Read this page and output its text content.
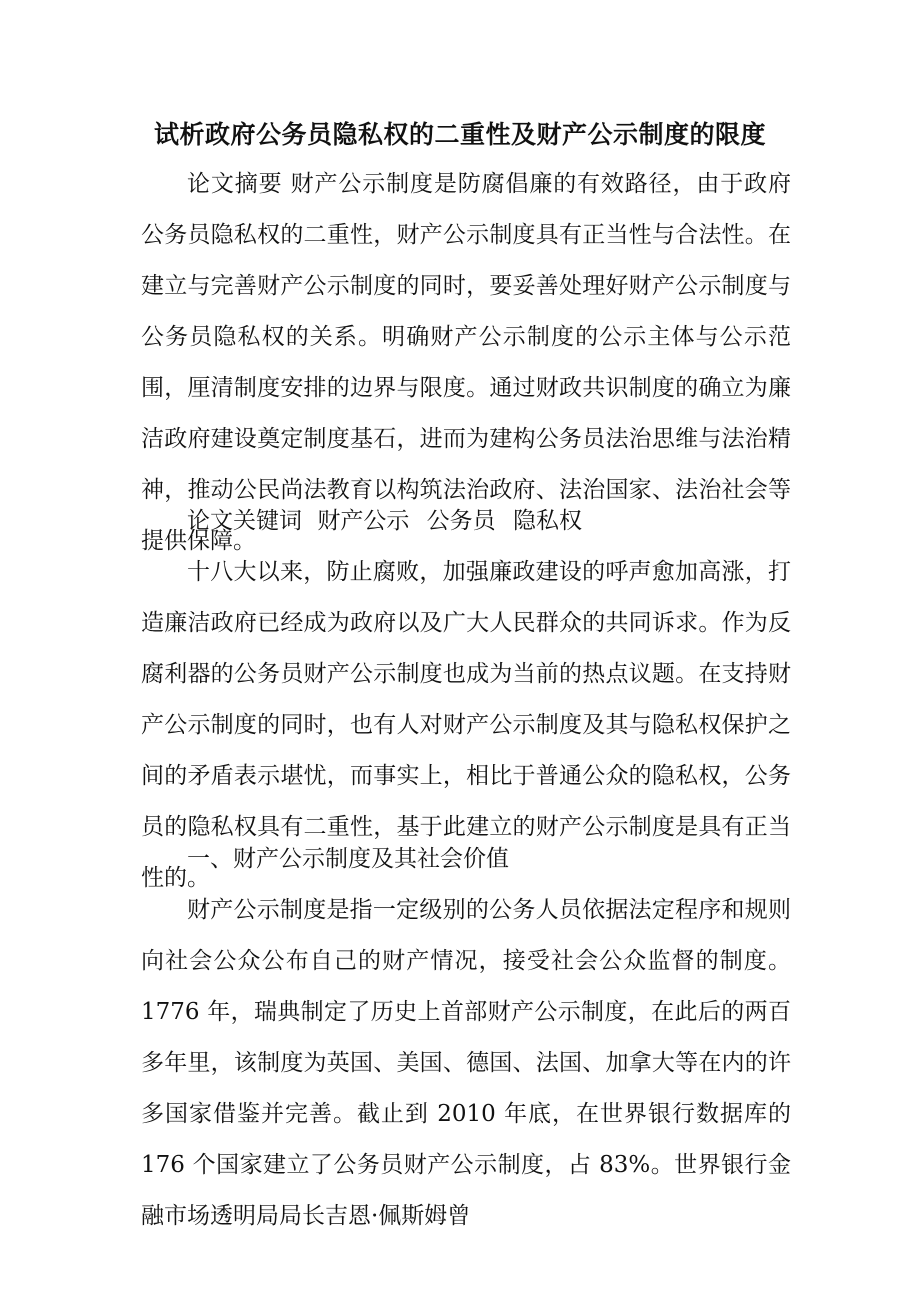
试析政府公务员隐私权的二重性及财产公示制度的限度

论文摘要 财产公示制度是防腐倡廉的有效路径，由于政府公务员隐私权的二重性，财产公示制度具有正当性与合法性。在建立与完善财产公示制度的同时，要妥善处理好财产公示制度与公务员隐私权的关系。明确财产公示制度的公示主体与公示范围，厘清制度安排的边界与限度。通过财政共识制度的确立为廉洁政府建设奠定制度基石，进而为建构公务员法治思维与法治精神，推动公民尚法教育以构筑法治政府、法治国家、法治社会等提供保障。

论文关键词 财产公示 公务员 隐私权

十八大以来，防止腐败，加强廉政建设的呼声愈加高涨，打造廉洁政府已经成为政府以及广大人民群众的共同诉求。作为反腐利器的公务员财产公示制度也成为当前的热点议题。在支持财产公示制度的同时，也有人对财产公示制度及其与隐私权保护之间的矛盾表示堪忧，而事实上，相比于普通公众的隐私权，公务员的隐私权具有二重性，基于此建立的财产公示制度是具有正当性的。

一、财产公示制度及其社会价值

财产公示制度是指一定级别的公务人员依据法定程序和规则向社会公众公布自己的财产情况，接受社会公众监督的制度。1776 年，瑞典制定了历史上首部财产公示制度，在此后的两百多年里，该制度为英国、美国、德国、法国、加拿大等在内的许多国家借鉴并完善。截止到 2010 年底，在世界银行数据库的 176 个国家建立了公务员财产公示制度，占 83%。世界银行金融市场透明局局长吉恩·佩斯姆曾
